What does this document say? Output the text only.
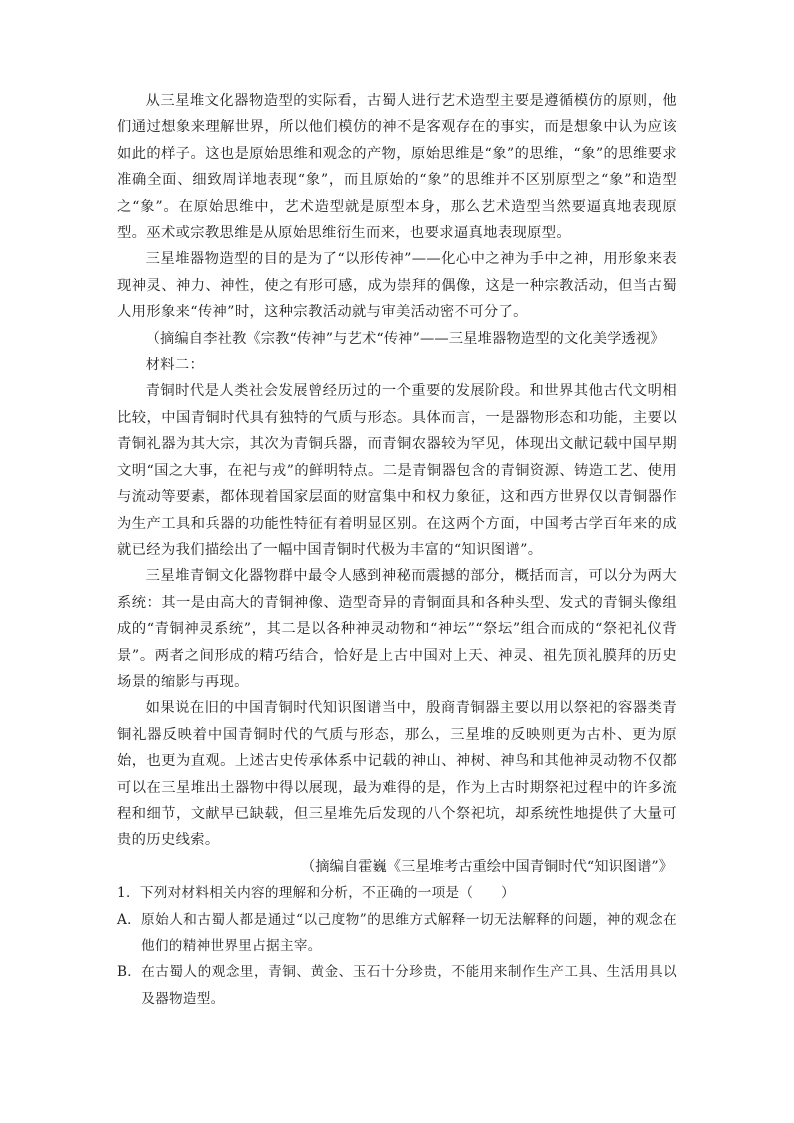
从三星堆文化器物造型的实际看，古蜀人进行艺术造型主要是遵循模仿的原则，他们通过想象来理解世界，所以他们模仿的神不是客观存在的事实，而是想象中认为应该如此的样子。这也是原始思维和观念的产物，原始思维是“象”的思维，“象”的思维要求准确全面、细致周详地表现“象”，而且原始的“象”的思维并不区别原型之“象”和造型之“象”。在原始思维中，艺术造型就是原型本身，那么艺术造型当然要逼真地表现原型。巫术或宗教思维是从原始思维衍生而来，也要求逼真地表现原型。

三星堆器物造型的目的是为了“以形传神”——化心中之神为手中之神，用形象来表现神灵、神力、神性，使之有形可感，成为崇拜的偶像，这是一种宗教活动，但当古蜀人用形象来“传神”时，这种宗教活动就与审美活动密不可分了。

（摘编自李社教《宗教“传神”与艺术“传神”——三星堆器物造型的文化美学透视》

材料二：

青铜时代是人类社会发展曾经历过的一个重要的发展阶段。和世界其他古代文明相比较，中国青铜时代具有独特的气质与形态。具体而言，一是器物形态和功能，主要以青铜礼器为其大宗，其次为青铜兵器，而青铜农器较为罕见，体现出文献记载中国早期文明“国之大事，在祀与戎”的鲜明特点。二是青铜器包含的青铜资源、铸造工艺、使用与流动等要素，都体现着国家层面的财富集中和权力象征，这和西方世界仅以青铜器作为生产工具和兵器的功能性特征有着明显区别。在这两个方面，中国考古学百年来的成就已经为我们描绘出了一幅中国青铜时代极为丰富的“知识图谱”。

三星堆青铜文化器物群中最令人感到神秘而震撼的部分，概括而言，可以分为两大系统：其一是由高大的青铜神像、造型奇异的青铜面具和各种头型、发式的青铜头像组成的“青铜神灵系统”，其二是以各种神灵动物和“神坛”“祭坛”组合而成的“祭祀礼仪背景”。两者之间形成的精巧结合，恰好是上古中国对上天、神灵、祖先顶礼膜拜的历史场景的缩影与再现。

如果说在旧的中国青铜时代知识图谱当中，殷商青铜器主要以用以祭祀的容器类青铜礼器反映着中国青铜时代的气质与形态，那么，三星堆的反映则更为古朴、更为原始，也更为直观。上述古史传承体系中记载的神山、神树、神鸟和其他神灵动物不仅都可以在三星堆出土器物中得以展现，最为难得的是，作为上古时期祭祀过程中的许多流程和细节，文献早已缺载，但三星堆先后发现的八个祭祀坑，却系统性地提供了大量可贵的历史线索。

（摘编自霍巍《三星堆考古重绘中国青铜时代“知识图谱”》

1．下列对材料相关内容的理解和分析，不正确的一项是（　　）

A． 原始人和古蜀人都是通过“以己度物”的思维方式解释一切无法解释的问题，神的观念在他们的精神世界里占据主宰。
B． 在古蜀人的观念里，青铜、黄金、玉石十分珍贵，不能用来制作生产工具、生活用具以及器物造型。
